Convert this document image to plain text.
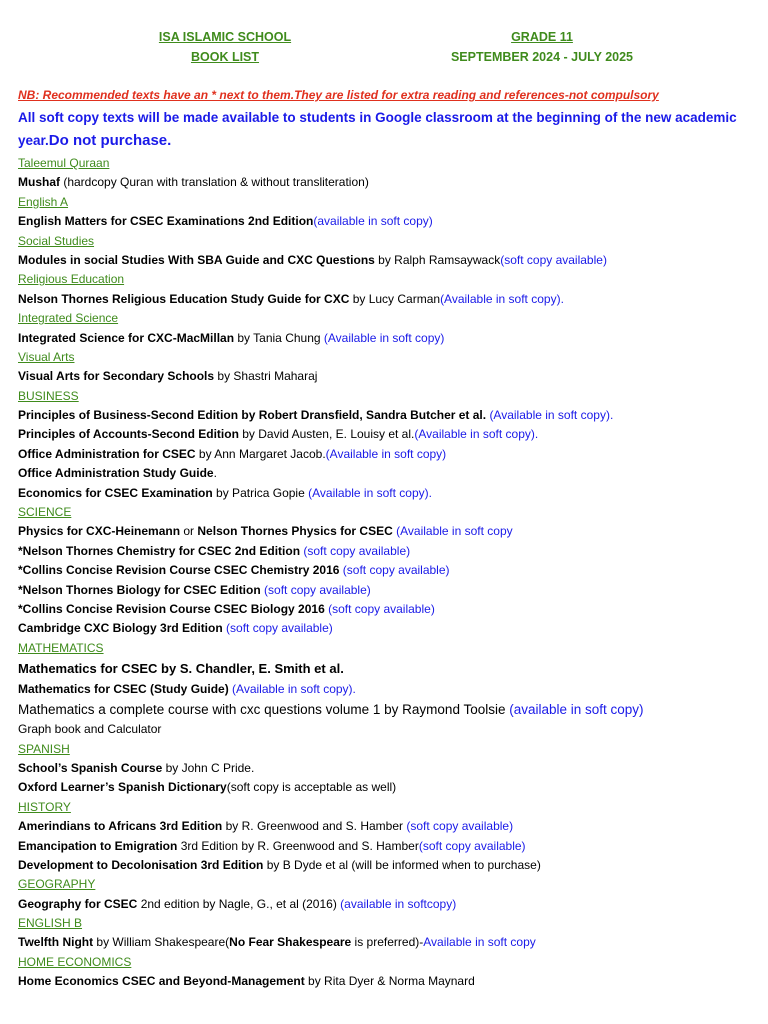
ISA ISLAMIC SCHOOL
BOOK LIST
GRADE 11
SEPTEMBER 2024 - JULY 2025
NB: Recommended texts have an * next to them.They are listed for extra reading and references-not compulsory
All soft copy texts will be made available to students in Google classroom at the beginning of the new academic year.Do not purchase.
Taleemul Quraan
Mushaf (hardcopy Quran with translation & without transliteration)
English A
English Matters for CSEC Examinations 2nd Edition(available in soft copy)
Social Studies
Modules in social Studies With SBA Guide and CXC Questions by Ralph Ramsaywack(soft copy available)
Religious Education
Nelson Thornes Religious Education Study Guide for CXC by Lucy Carman(Available in soft copy).
Integrated Science
Integrated Science for CXC-MacMillan by Tania Chung (Available in soft copy)
Visual Arts
Visual Arts for Secondary Schools by Shastri Maharaj
BUSINESS
Principles of Business-Second Edition by Robert Dransfield, Sandra Butcher et al. (Available in soft copy).
Principles of Accounts-Second Edition by David Austen, E. Louisy et al.(Available in soft copy).
Office Administration for CSEC by Ann Margaret Jacob.(Available in soft copy)
Office Administration Study Guide.
Economics for CSEC Examination by Patrica Gopie (Available in soft copy).
SCIENCE
Physics for CXC-Heinemann or Nelson Thornes Physics for CSEC (Available in soft copy
*Nelson Thornes Chemistry for CSEC 2nd Edition (soft copy available)
*Collins Concise Revision Course CSEC Chemistry 2016 (soft copy available)
*Nelson Thornes Biology for CSEC Edition (soft copy available)
*Collins Concise Revision Course CSEC Biology 2016 (soft copy available)
Cambridge CXC Biology 3rd Edition (soft copy available)
MATHEMATICS
Mathematics for CSEC by S. Chandler, E. Smith et al.
Mathematics for CSEC (Study Guide) (Available in soft copy).
Mathematics a complete course with cxc questions volume 1 by Raymond Toolsie (available in soft copy)
Graph book and Calculator
SPANISH
School’s Spanish Course by John C Pride.
Oxford Learner’s Spanish Dictionary(soft copy is acceptable as well)
HISTORY
Amerindians to Africans 3rd Edition by R. Greenwood and S. Hamber (soft copy available)
Emancipation to Emigration 3rd Edition by R. Greenwood and S. Hamber(soft copy available)
Development to Decolonisation 3rd Edition by B Dyde et al (will be informed when to purchase)
GEOGRAPHY
Geography for CSEC 2nd edition by Nagle, G., et al (2016) (available in softcopy)
ENGLISH B
Twelfth Night by William Shakespeare(No Fear Shakespeare is preferred)-Available in soft copy
HOME ECONOMICS
Home Economics CSEC and Beyond-Management by Rita Dyer & Norma Maynard
